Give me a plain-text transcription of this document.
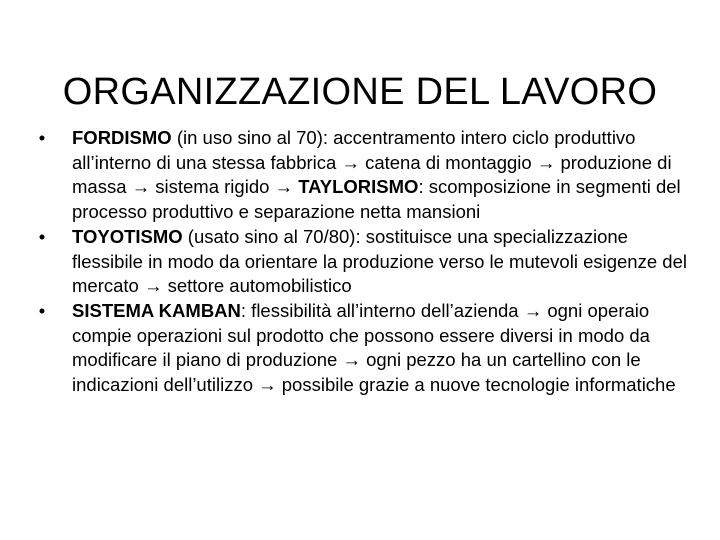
ORGANIZZAZIONE DEL LAVORO
•	FORDISMO (in uso sino al 70): accentramento intero ciclo produttivo all’interno di una stessa fabbrica → catena di montaggio → produzione di massa → sistema rigido → TAYLORISMO: scomposizione in segmenti del processo produttivo e separazione netta mansioni
•	TOYOTISMO (usato sino al 70/80): sostituisce una specializzazione flessibile in modo da orientare la produzione verso le mutevoli esigenze del mercato → settore automobilistico
•	SISTEMA KAMBAN: flessibilità all’interno dell’azienda → ogni operaio compie operazioni sul prodotto che possono essere diversi in modo da modificare il piano di produzione → ogni pezzo ha un cartellino con le indicazioni dell’utilizzo → possibile grazie a nuove tecnologie informatiche
